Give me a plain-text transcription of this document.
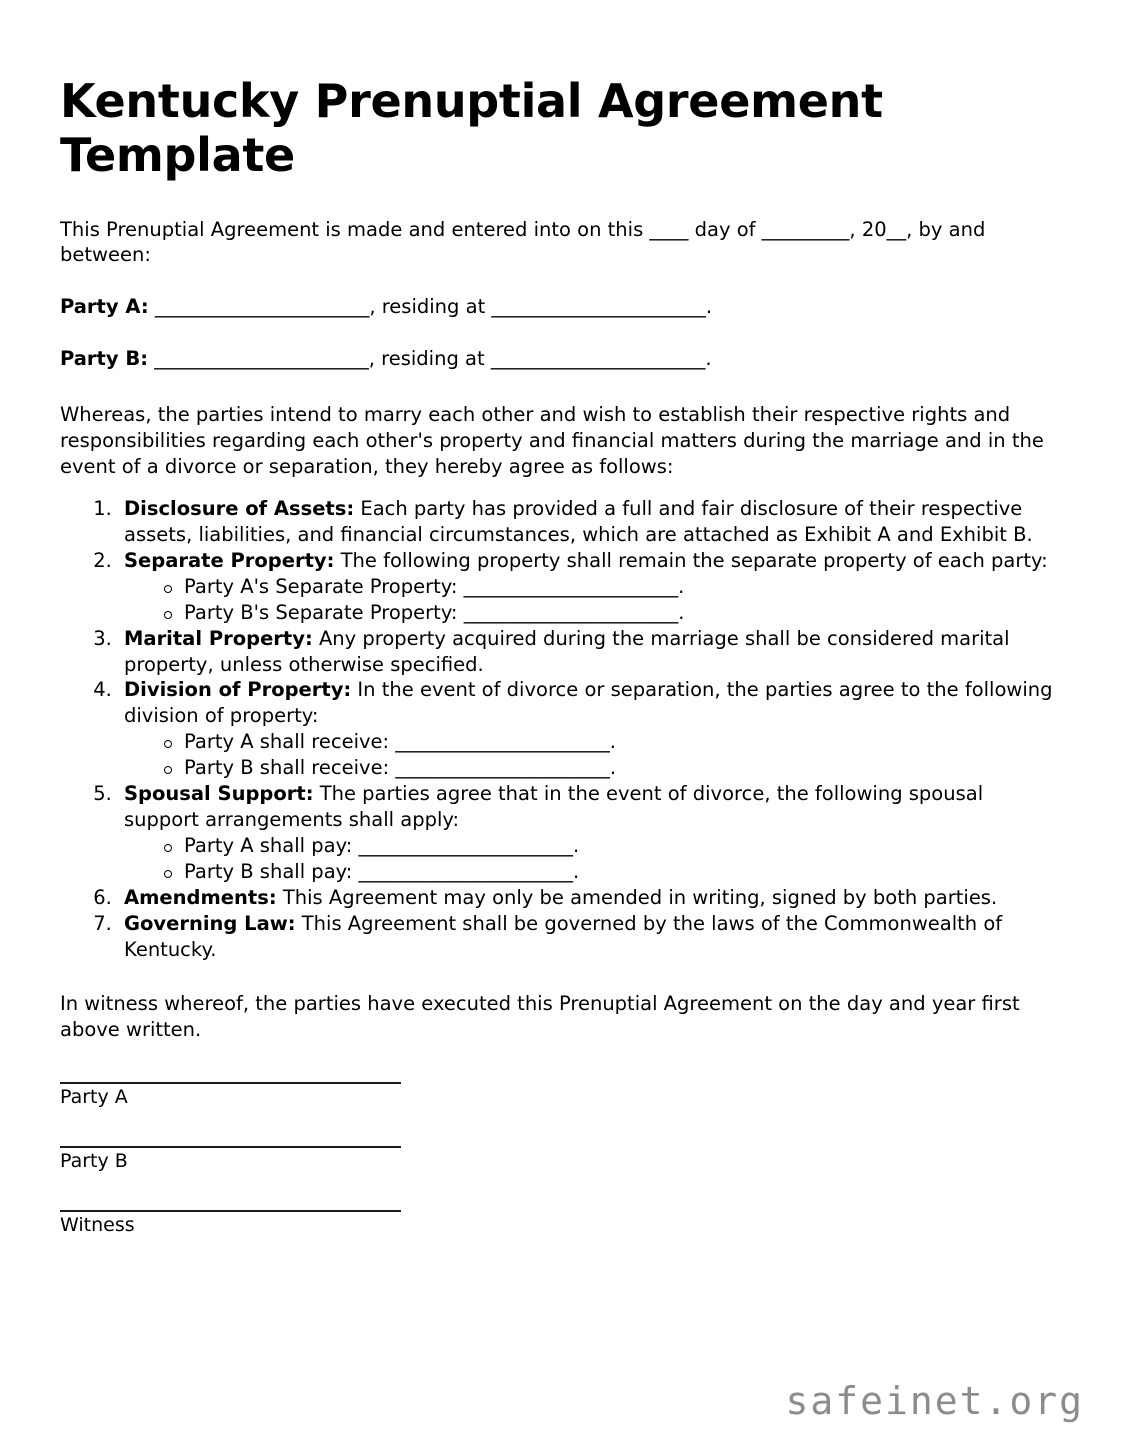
Kentucky Prenuptial Agreement Template

This Prenuptial Agreement is made and entered into on this ____ day of _________, 20__, by and between:

Party A: ______________________, residing at ______________________.

Party B: ______________________, residing at ______________________.

Whereas, the parties intend to marry each other and wish to establish their respective rights and responsibilities regarding each other's property and financial matters during the marriage and in the event of a divorce or separation, they hereby agree as follows:

1. Disclosure of Assets: Each party has provided a full and fair disclosure of their respective assets, liabilities, and financial circumstances, which are attached as Exhibit A and Exhibit B.
2. Separate Property: The following property shall remain the separate property of each party:
Party A's Separate Property: ______________________.
Party B's Separate Property: ______________________.
3. Marital Property: Any property acquired during the marriage shall be considered marital property, unless otherwise specified.
4. Division of Property: In the event of divorce or separation, the parties agree to the following division of property:
Party A shall receive: ______________________.
Party B shall receive: ______________________.
5. Spousal Support: The parties agree that in the event of divorce, the following spousal support arrangements shall apply:
Party A shall pay: ______________________.
Party B shall pay: ______________________.
6. Amendments: This Agreement may only be amended in writing, signed by both parties.
7. Governing Law: This Agreement shall be governed by the laws of the Commonwealth of Kentucky.

In witness whereof, the parties have executed this Prenuptial Agreement on the day and year first above written.

Party A
Party B
Witness
safeinet.org
